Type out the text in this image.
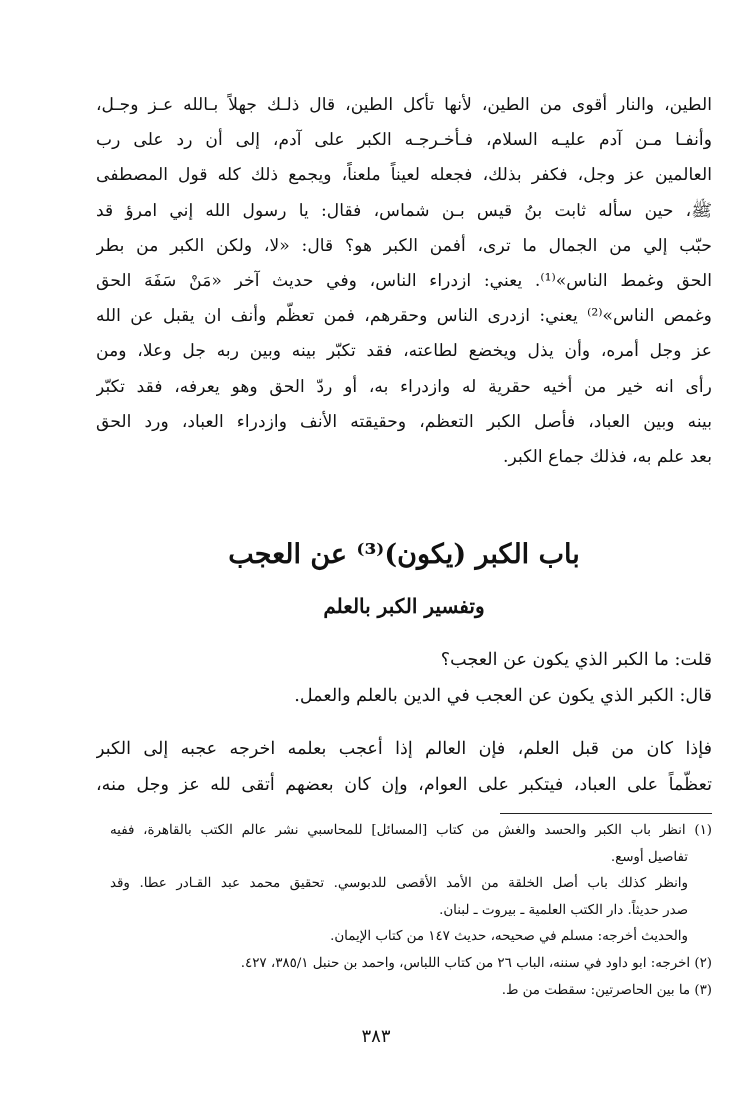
الطين، والنار أقوى من الطين، لأنها تأكل الطين، قال ذلـك جهلاً بـالله عـز وجـل،
وأنفـا مـن آدم عليـه السلام، فـأخـرجـه الكبر على آدم، إلى أن رد على رب
العالمين عز وجل، فكفر بذلك، فجعله لعيناً ملعناً، ويجمع ذلك كله قول المصطفى
ﷺ، حين سأله ثابت بنُ قيس بـن شماس، فقال: يا رسول الله إني امرؤ قد
حبّب إلي من الجمال ما ترى، أفمن الكبر هو؟ قال: «لا، ولكن الكبر من بطر
الحق وغمط الناس»⁽¹⁾. يعني: ازدراء الناس، وفي حديث آخر «مَنْ سَفَهَ الحق
وغمص الناس»⁽²⁾ يعني: ازدرى الناس وحقرهم، فمن تعظّم وأنف ان يقبل عن الله
عز وجل أمره، وأن يذل ويخضع لطاعته، فقد تكبّر بينه وبين ربه جل وعلا، ومن
رأى انه خير من أخيه حقرية له وازدراء به، أو ردّ الحق وهو يعرفه، فقد تكبّر
بينه وبين العباد، فأصل الكبر التعظم، وحقيقته الأنف وازدراء العباد، ورد الحق
بعد علم به، فذلك جماع الكبر.
باب الكبر (يكون)⁽³⁾ عن العجب
وتفسير الكبر بالعلم
قلت: ما الكبر الذي يكون عن العجب؟
قال: الكبر الذي يكون عن العجب في الدين بالعلم والعمل.
فإذا كان من قبل العلم، فإن العالم إذا أعجب بعلمه اخرجه عجبه إلى الكبر
تعظّماً على العباد، فيتكبر على العوام، وإن كان بعضهم أتقى لله عز وجل منه،
(١) انظر باب الكبر والحسد والغش من كتاب [المسائل] للمحاسبي نشر عالم الكتب بالقاهرة، ففيه
تفاصيل أوسع.
وانظر كذلك باب أصل الخلقة من الأمد الأقصى للدبوسي. تحقيق محمد عبد القـادر عطا. وقد
صدر حديثاً. دار الكتب العلمية ـ بيروت ـ لبنان.
والحديث أخرجه: مسلم في صحيحه، حديث ١٤٧ من كتاب الإيمان.
(٢) اخرجه: ابو داود في سننه، الباب ٢٦ من كتاب اللباس، واحمد بن حنبل ٣٨٥/١، ٤٢٧.
(٣) ما بين الحاصرتين: سقطت من ط.
٣٨٣
